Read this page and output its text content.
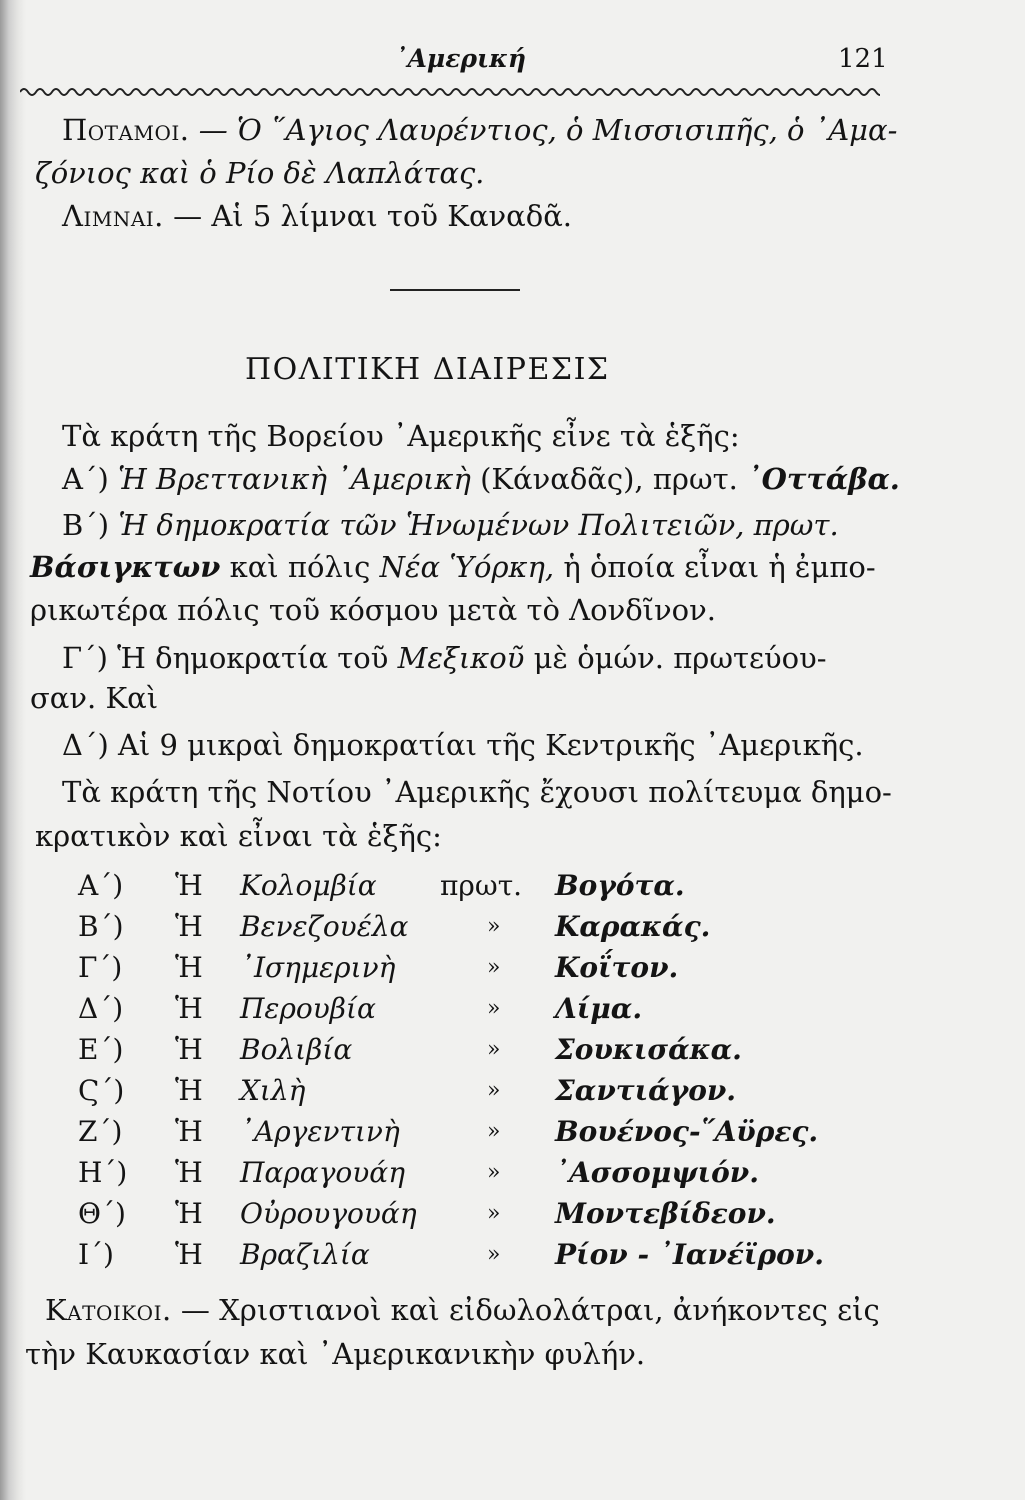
᾽Αμερική	121
Ποταμοι. — Ὁ ῞Αγιος Λαυρέντιος, ὁ Μισσισιπῆς, ὁ ᾽Αμα-
ζόνιος καὶ ὁ Ρίο δὲ Λαπλάτας.
Λιμναι. — Αἱ 5 λίμναι τοῦ Καναδᾶ.
ΠΟΛΙΤΙΚΗ ΔΙΑΙΡΕΣΙΣ
Τὰ κράτη τῆς Βορείου ᾽Αμερικῆς εἶνε τὰ ἑξῆς:
Α΄) Ἡ Βρεττανικὴ ᾽Αμερικὴ (Κάναδᾶς), πρωτ. ᾽Οττάβα.
Β΄) Ἡ δημοκρατία τῶν Ἡνωμένων Πολιτειῶν, πρωτ.
Βάσιγκτων καὶ πόλις Νέα Ὑόρκη, ἡ ὁποία εἶναι ἡ ἐμπο-
ρικωτέρα πόλις τοῦ κόσμου μετὰ τὸ Λονδῖνον.
Γ΄) Ἡ δημοκρατία τοῦ Μεξικοῦ μὲ ὁμών. πρωτεύου-
σαν. Καὶ
Δ΄) Αἱ 9 μικραὶ δημοκρατίαι τῆς Κεντρικῆς ᾽Αμερικῆς.
Τὰ κράτη τῆς Νοτίου ᾽Αμερικῆς ἔχουσι πολίτευμα δημο-
κρατικὸν καὶ εἶναι τὰ ἑξῆς:
Α΄) Ἡ Κολομβία πρωτ. Βογότα.
Β΄) Ἡ Βενεζουέλα	» Καρακάς.
Γ΄) Ἡ ᾽Ισημερινὴ	» Κοΐτον.
Δ΄) Ἡ Περουβία	» Λίμα.
Ε΄) Ἡ Βολιβία	» Σουκισάκα.
Ϛ΄) Ἡ Χιλὴ	» Σαντιάγον.
Ζ΄) Ἡ ᾽Αργεντινὴ	» Βουένος-῞Αϋρες.
Η΄) Ἡ Παραγουάη	» ᾽Ασσομψιόν.
Θ΄) Ἡ Οὐρουγουάη	» Μοντεβίδεον.
Ι΄) Ἡ Βραζιλία	» Ρίον - ᾽Ιανέϊρον.
Κατοικοι. — Χριστιανοὶ καὶ εἰδωλολάτραι, ἀνήκοντες εἰς
τὴν Καυκασίαν καὶ ᾽Αμερικανικὴν φυλήν.
